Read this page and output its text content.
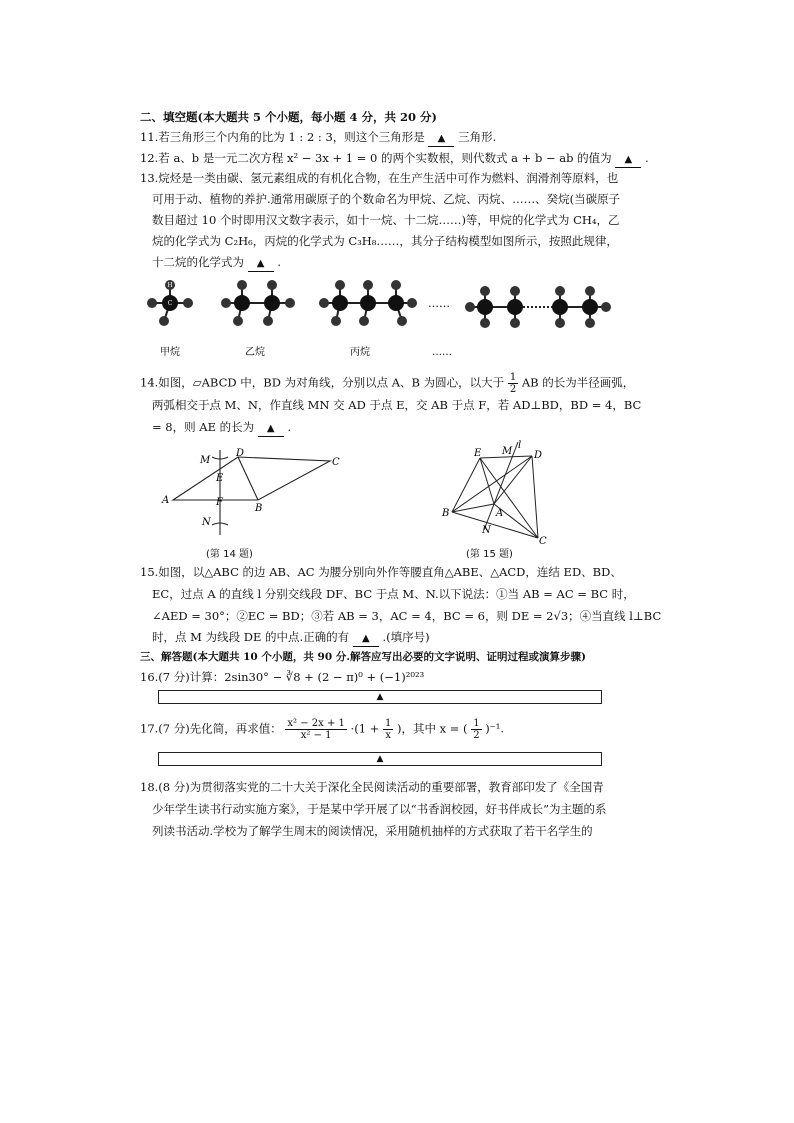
二、填空题(本大题共 5 个小题，每小题 4 分，共 20 分)
11.若三角形三个内角的比为 1 : 2 : 3，则这个三角形是 ▲ 三角形.
12.若 a、b 是一元二次方程 x² − 3x + 1 = 0 的两个实数根，则代数式 a + b − ab 的值为 ▲ .
13.烷烃是一类由碳、氢元素组成的有机化合物，在生产生活中可作为燃料、润滑剂等原料，也
可用于动、植物的养护.通常用碳原子的个数命名为甲烷、乙烷、丙烷、……、癸烷(当碳原子
数目超过 10 个时即用汉文数字表示，如十一烷、十二烷……)等，甲烷的化学式为 CH₄，乙
烷的化学式为 C₂H₆，丙烷的化学式为 C₃H₈……，其分子结构模型如图所示，按照此规律，
十二烷的化学式为 ▲ .
C
H
……
甲烷	乙烷	丙烷	……
14.如图，▱ABCD 中，BD 为对角线，分别以点 A、B 为圆心，以大于 $\frac{1}{2}$ AB 的长为半径画弧，
两弧相交于点 M、N，作直线 MN 交 AD 于点 E，交 AB 于点 F，若 AD⊥BD，BD = 4，BC
= 8，则 AE 的长为 ▲ .
A
B
C
D
E
F
M
N
(第 14 题)
E M
l
D
B	A
N
C
(第 15 题)
15.如图，以△ABC 的边 AB、AC 为腰分别向外作等腰直角△ABE、△ACD，连结 ED、BD、
EC，过点 A 的直线 l 分别交线段 DF、BC 于点 M、N.以下说法：①当 AB = AC = BC 时，
∠AED = 30°；②EC = BD；③若 AB = 3，AC = 4，BC = 6，则 DE = 2√3；④当直线 l⊥BC
时，点 M 为线段 DE 的中点.正确的有 ▲ .(填序号)
三、解答题(本大题共 10 个小题，共 90 分.解答应写出必要的文字说明、证明过程或演算步骤)
16.(7 分)计算：2sin30° − ∛8 + (2 − π)⁰ + (−1)²⁰²³
▲
17.(7 分)先化简，再求值： $\frac{\text{x² − 2x + 1}}{\text{x² − 1}} \cdot(1 + \frac{1}{x}$ )，其中 x = ( $\frac{1}{2} )^{-1}$.
▲
18.(8 分)为贯彻落实党的二十大关于深化全民阅读活动的重要部署，教育部印发了《全国青
少年学生读书行动实施方案》，于是某中学开展了以“书香润校园，好书伴成长”为主题的系
列读书活动.学校为了解学生周末的阅读情况，采用随机抽样的方式获取了若干名学生的
